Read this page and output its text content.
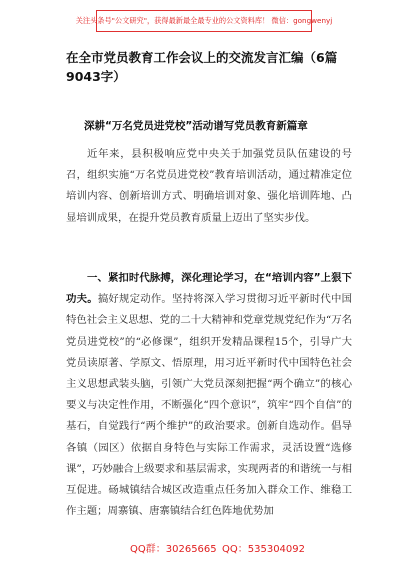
关注头条号"公文研究"，获得最新最全最专业的公文资料库！ 微信：gongwenyj
在全市党员教育工作会议上的交流发言汇编（6篇9043字）
深耕“万名党员进党校”活动谱写党员教育新篇章

近年来，县积极响应党中央关于加强党员队伍建设的号召，组织实施“万名党员进党校”教育培训活动，通过精准定位培训内容、创新培训方式、明确培训对象、强化培训阵地、凸显培训成果，在提升党员教育质量上迈出了坚实步伐。

一、紧扣时代脉搏，深化理论学习，在“培训内容”上狠下功夫。搞好规定动作。坚持将深入学习贯彻习近平新时代中国特色社会主义思想、党的二十大精神和党章党规党纪作为“万名党员进党校”的“必修课”，组织开发精品课程15个，引导广大党员读原著、学原文、悟原理，用习近平新时代中国特色社会主义思想武装头脑，引领广大党员深刻把握“两个确立”的核心要义与决定性作用，不断强化“四个意识”，筑牢“四个自信”的基石，自觉践行“两个维护”的政治要求。创新自选动作。倡导各镇（园区）依据自身特色与实际工作需求，灵活设置“选修课”，巧妙融合上级要求和基层需求，实现两者的和谐统一与相互促进。砀城镇结合城区改造重点任务加入群众工作、维稳工作主题；周寨镇、唐寨镇结合红色阵地优势加

QQ群：30265665 QQ：535304092
